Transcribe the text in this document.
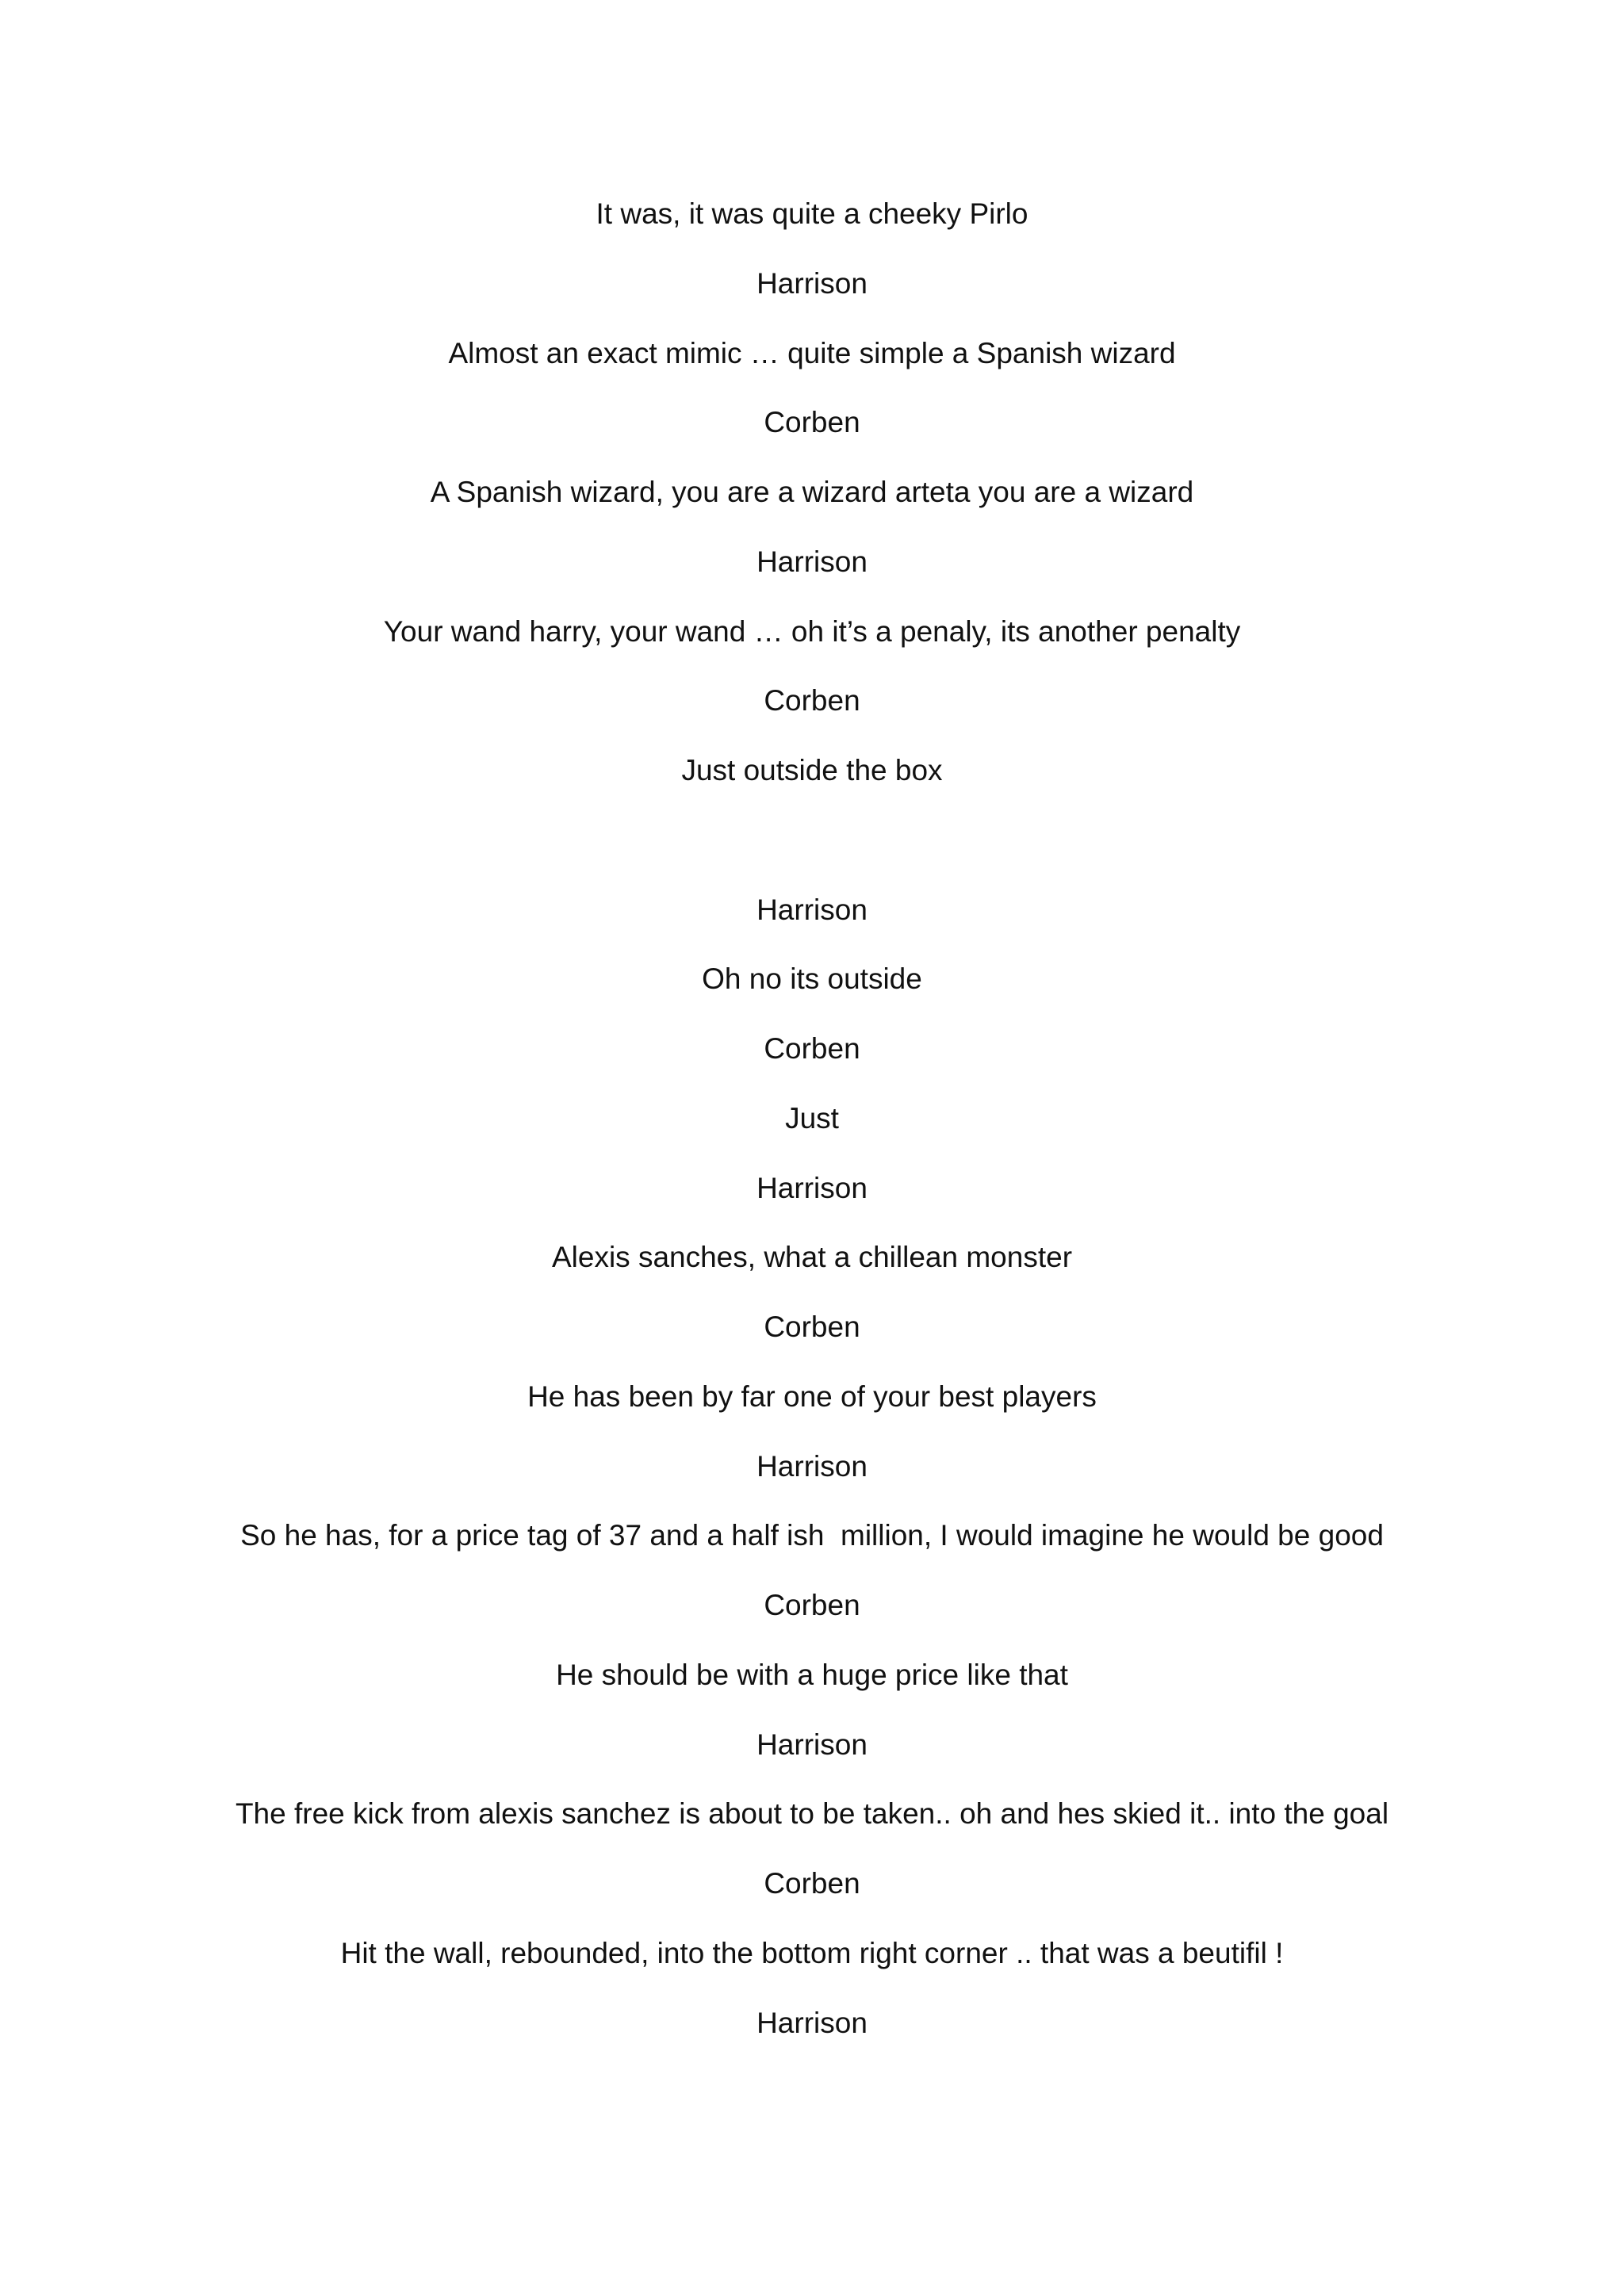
It was, it was quite a cheeky Pirlo
Harrison
Almost an exact mimic … quite simple a Spanish wizard
Corben
A Spanish wizard, you are a wizard arteta you are a wizard
Harrison
Your wand harry, your wand … oh it’s a penaly, its another penalty
Corben
Just outside the box
Harrison
Oh no its outside
Corben
Just
Harrison
Alexis sanches, what a chillean monster
Corben
He has been by far one of your best players
Harrison
So he has, for a price tag of 37 and a half ish  million, I would imagine he would be good
Corben
He should be with a huge price like that
Harrison
The free kick from alexis sanchez is about to be taken.. oh and hes skied it.. into the goal
Corben
Hit the wall, rebounded, into the bottom right corner .. that was a beutifil !
Harrison
